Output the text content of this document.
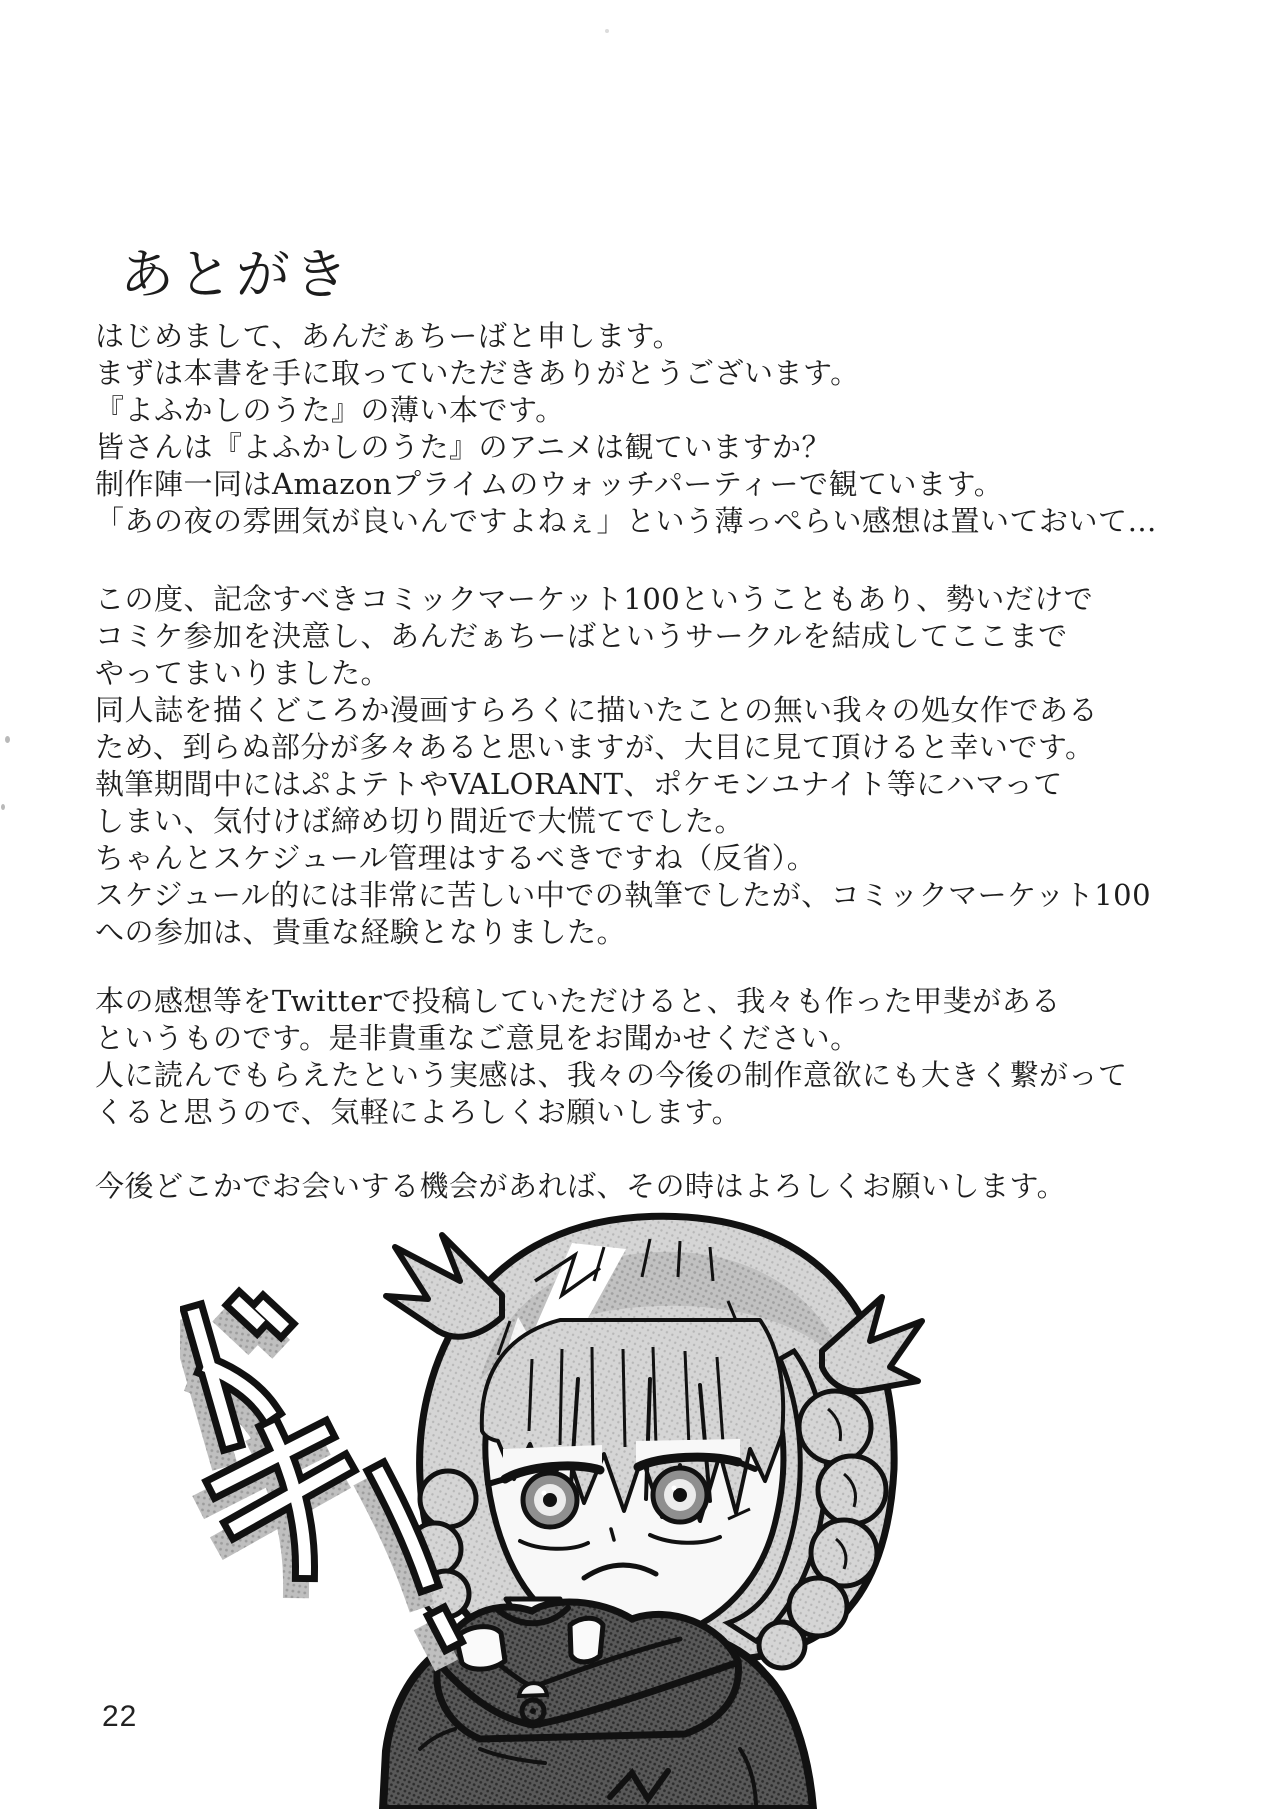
あとがき
はじめまして、あんだぁちーばと申します。
まずは本書を手に取っていただきありがとうございます。
『よふかしのうた』の薄い本です。
皆さんは『よふかしのうた』のアニメは観ていますか？
制作陣一同はAmazonプライムのウォッチパーティーで観ています。
「あの夜の雰囲気が良いんですよねぇ」という薄っぺらい感想は置いておいて…
この度、記念すべきコミックマーケット100ということもあり、勢いだけで
コミケ参加を決意し、あんだぁちーばというサークルを結成してここまで
やってまいりました。
同人誌を描くどころか漫画すらろくに描いたことの無い我々の処女作である
ため、到らぬ部分が多々あると思いますが、大目に見て頂けると幸いです。
執筆期間中にはぷよテトやVALORANT、ポケモンユナイト等にハマって
しまい、気付けば締め切り間近で大慌てでした。
ちゃんとスケジュール管理はするべきですね（反省）。
スケジュール的には非常に苦しい中での執筆でしたが、コミックマーケット100
への参加は、貴重な経験となりました。
本の感想等をTwitterで投稿していただけると、我々も作った甲斐がある
というものです。是非貴重なご意見をお聞かせください。
人に読んでもらえたという実感は、我々の今後の制作意欲にも大きく繋がって
くると思うので、気軽によろしくお願いします。
今後どこかでお会いする機会があれば、その時はよろしくお願いします。
22
